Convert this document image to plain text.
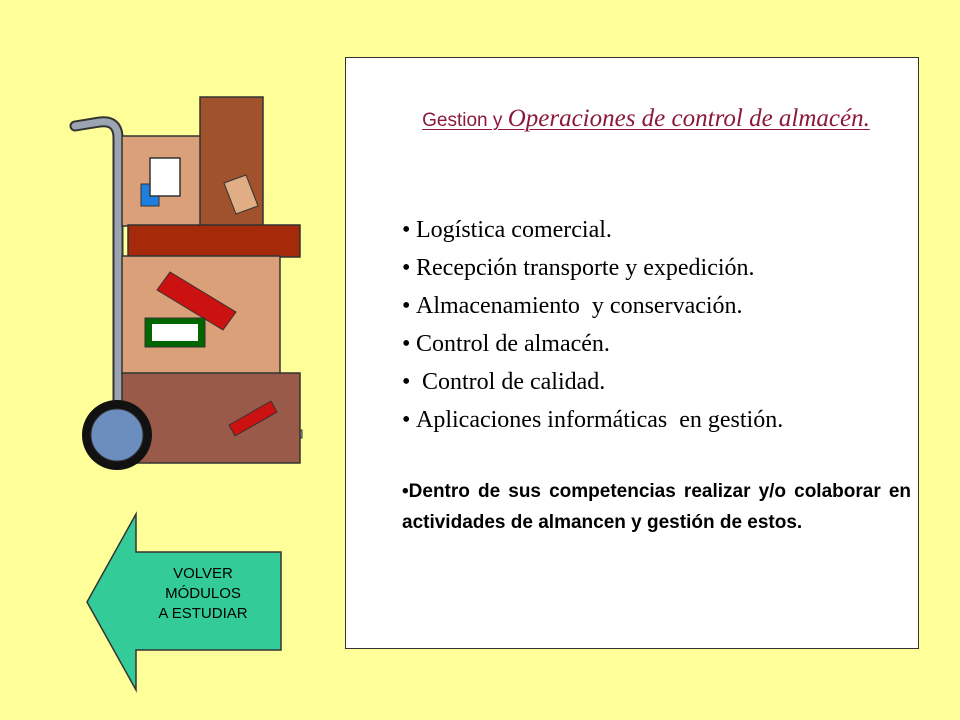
VOLVER
MÓDULOS
A ESTUDIAR
Gestion y Operaciones de control de almacén.
• Logística comercial.
• Recepción transporte y expedición.
• Almacenamiento  y conservación.
• Control de almacén.
• Control de calidad.
• Aplicaciones informáticas  en gestión.
•Dentro de sus competencias realizar y/o colaborar en actividades de almancen y gestión de estos.
